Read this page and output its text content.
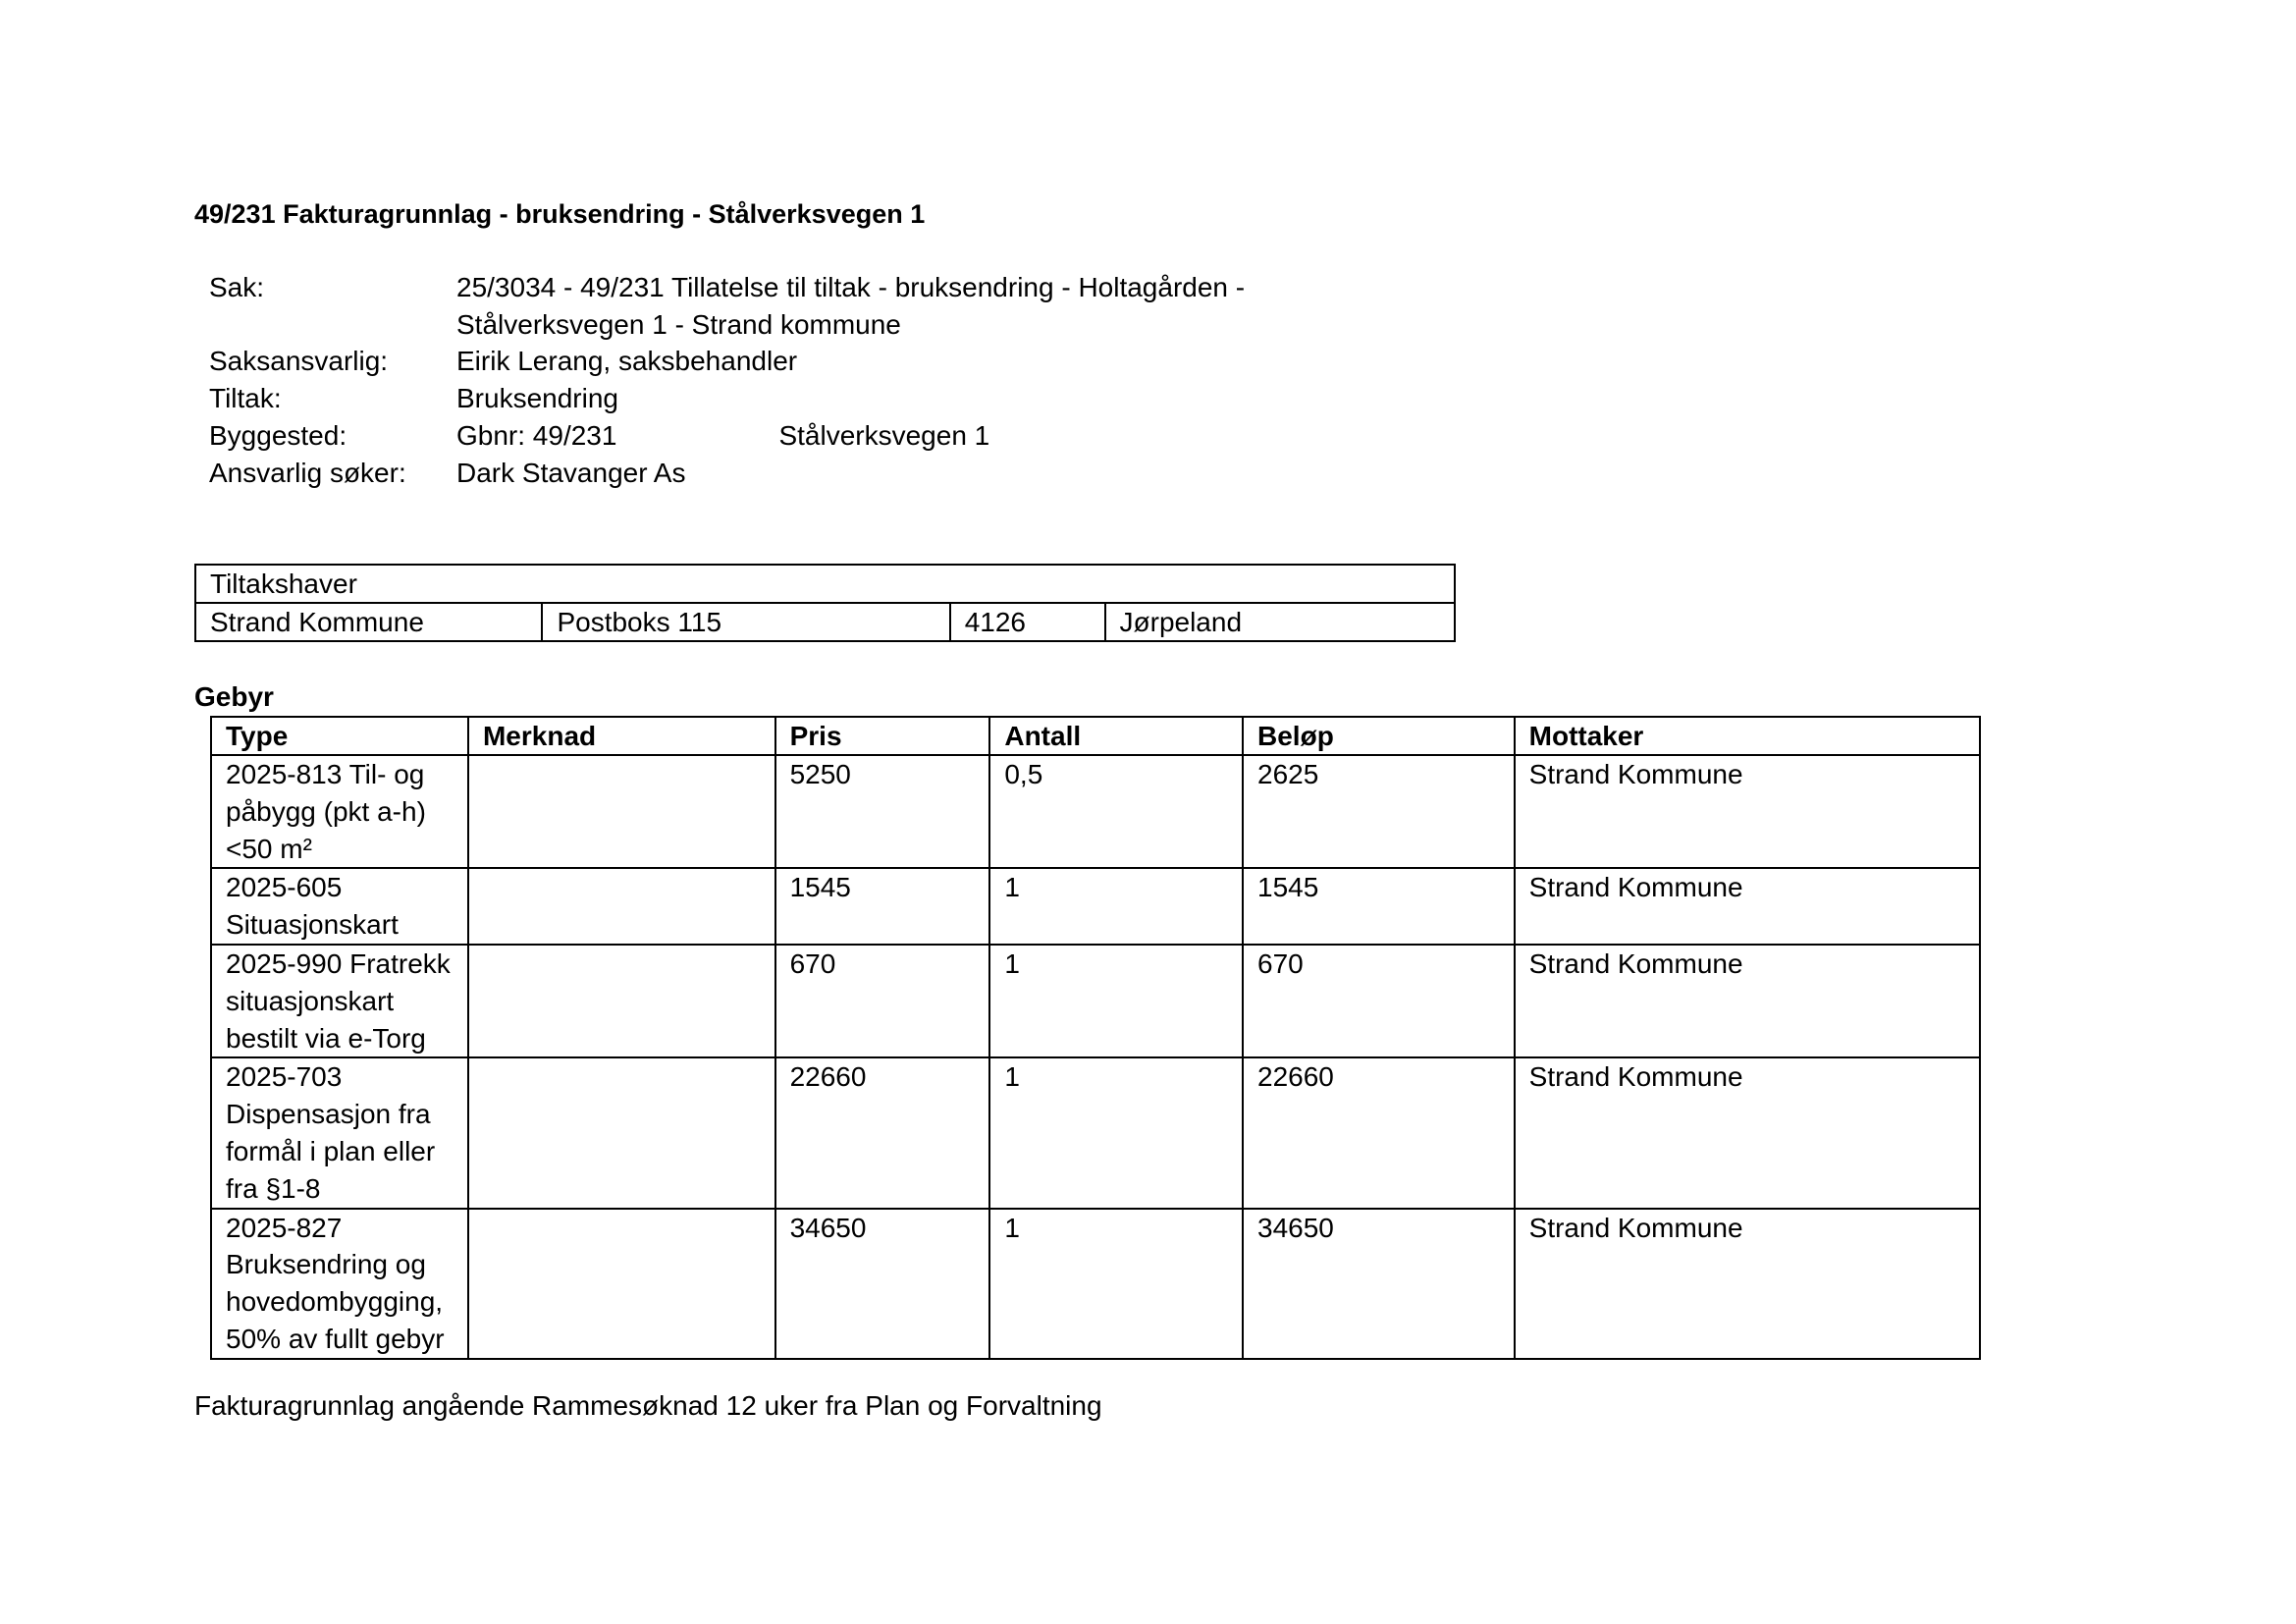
49/231 Fakturagrunnlag - bruksendring - Stålverksvegen 1
Sak:	25/3034 - 49/231 Tillatelse til tiltak - bruksendring - Holtagården -
Stålverksvegen 1 - Strand kommune
Saksansvarlig:	Eirik Lerang, saksbehandler
Tiltak:	Bruksendring
Byggested:	Gbnr: 49/231	Stålverksvegen 1
Ansvarlig søker:	Dark Stavanger As
Tiltakshaver
Strand Kommune	Postboks 115	4126	Jørpeland
Gebyr
Type	Merknad	Pris	Antall	Beløp	Mottaker

2025-813 Til- og
påbygg (pkt a-h)
<50 m²		5250	0,5	2625	Strand Kommune

2025-605
Situasjonskart		1545	1	1545	Strand Kommune

2025-990 Fratrekk
situasjonskart
bestilt via e-Torg		670	1	670	Strand Kommune

2025-703
Dispensasjon fra
formål i plan eller
fra §1-8		22660	1	22660	Strand Kommune

2025-827
Bruksendring og
hovedombygging,
50% av fullt gebyr		34650	1	34650	Strand Kommune
Fakturagrunnlag angående Rammesøknad 12 uker fra Plan og Forvaltning
